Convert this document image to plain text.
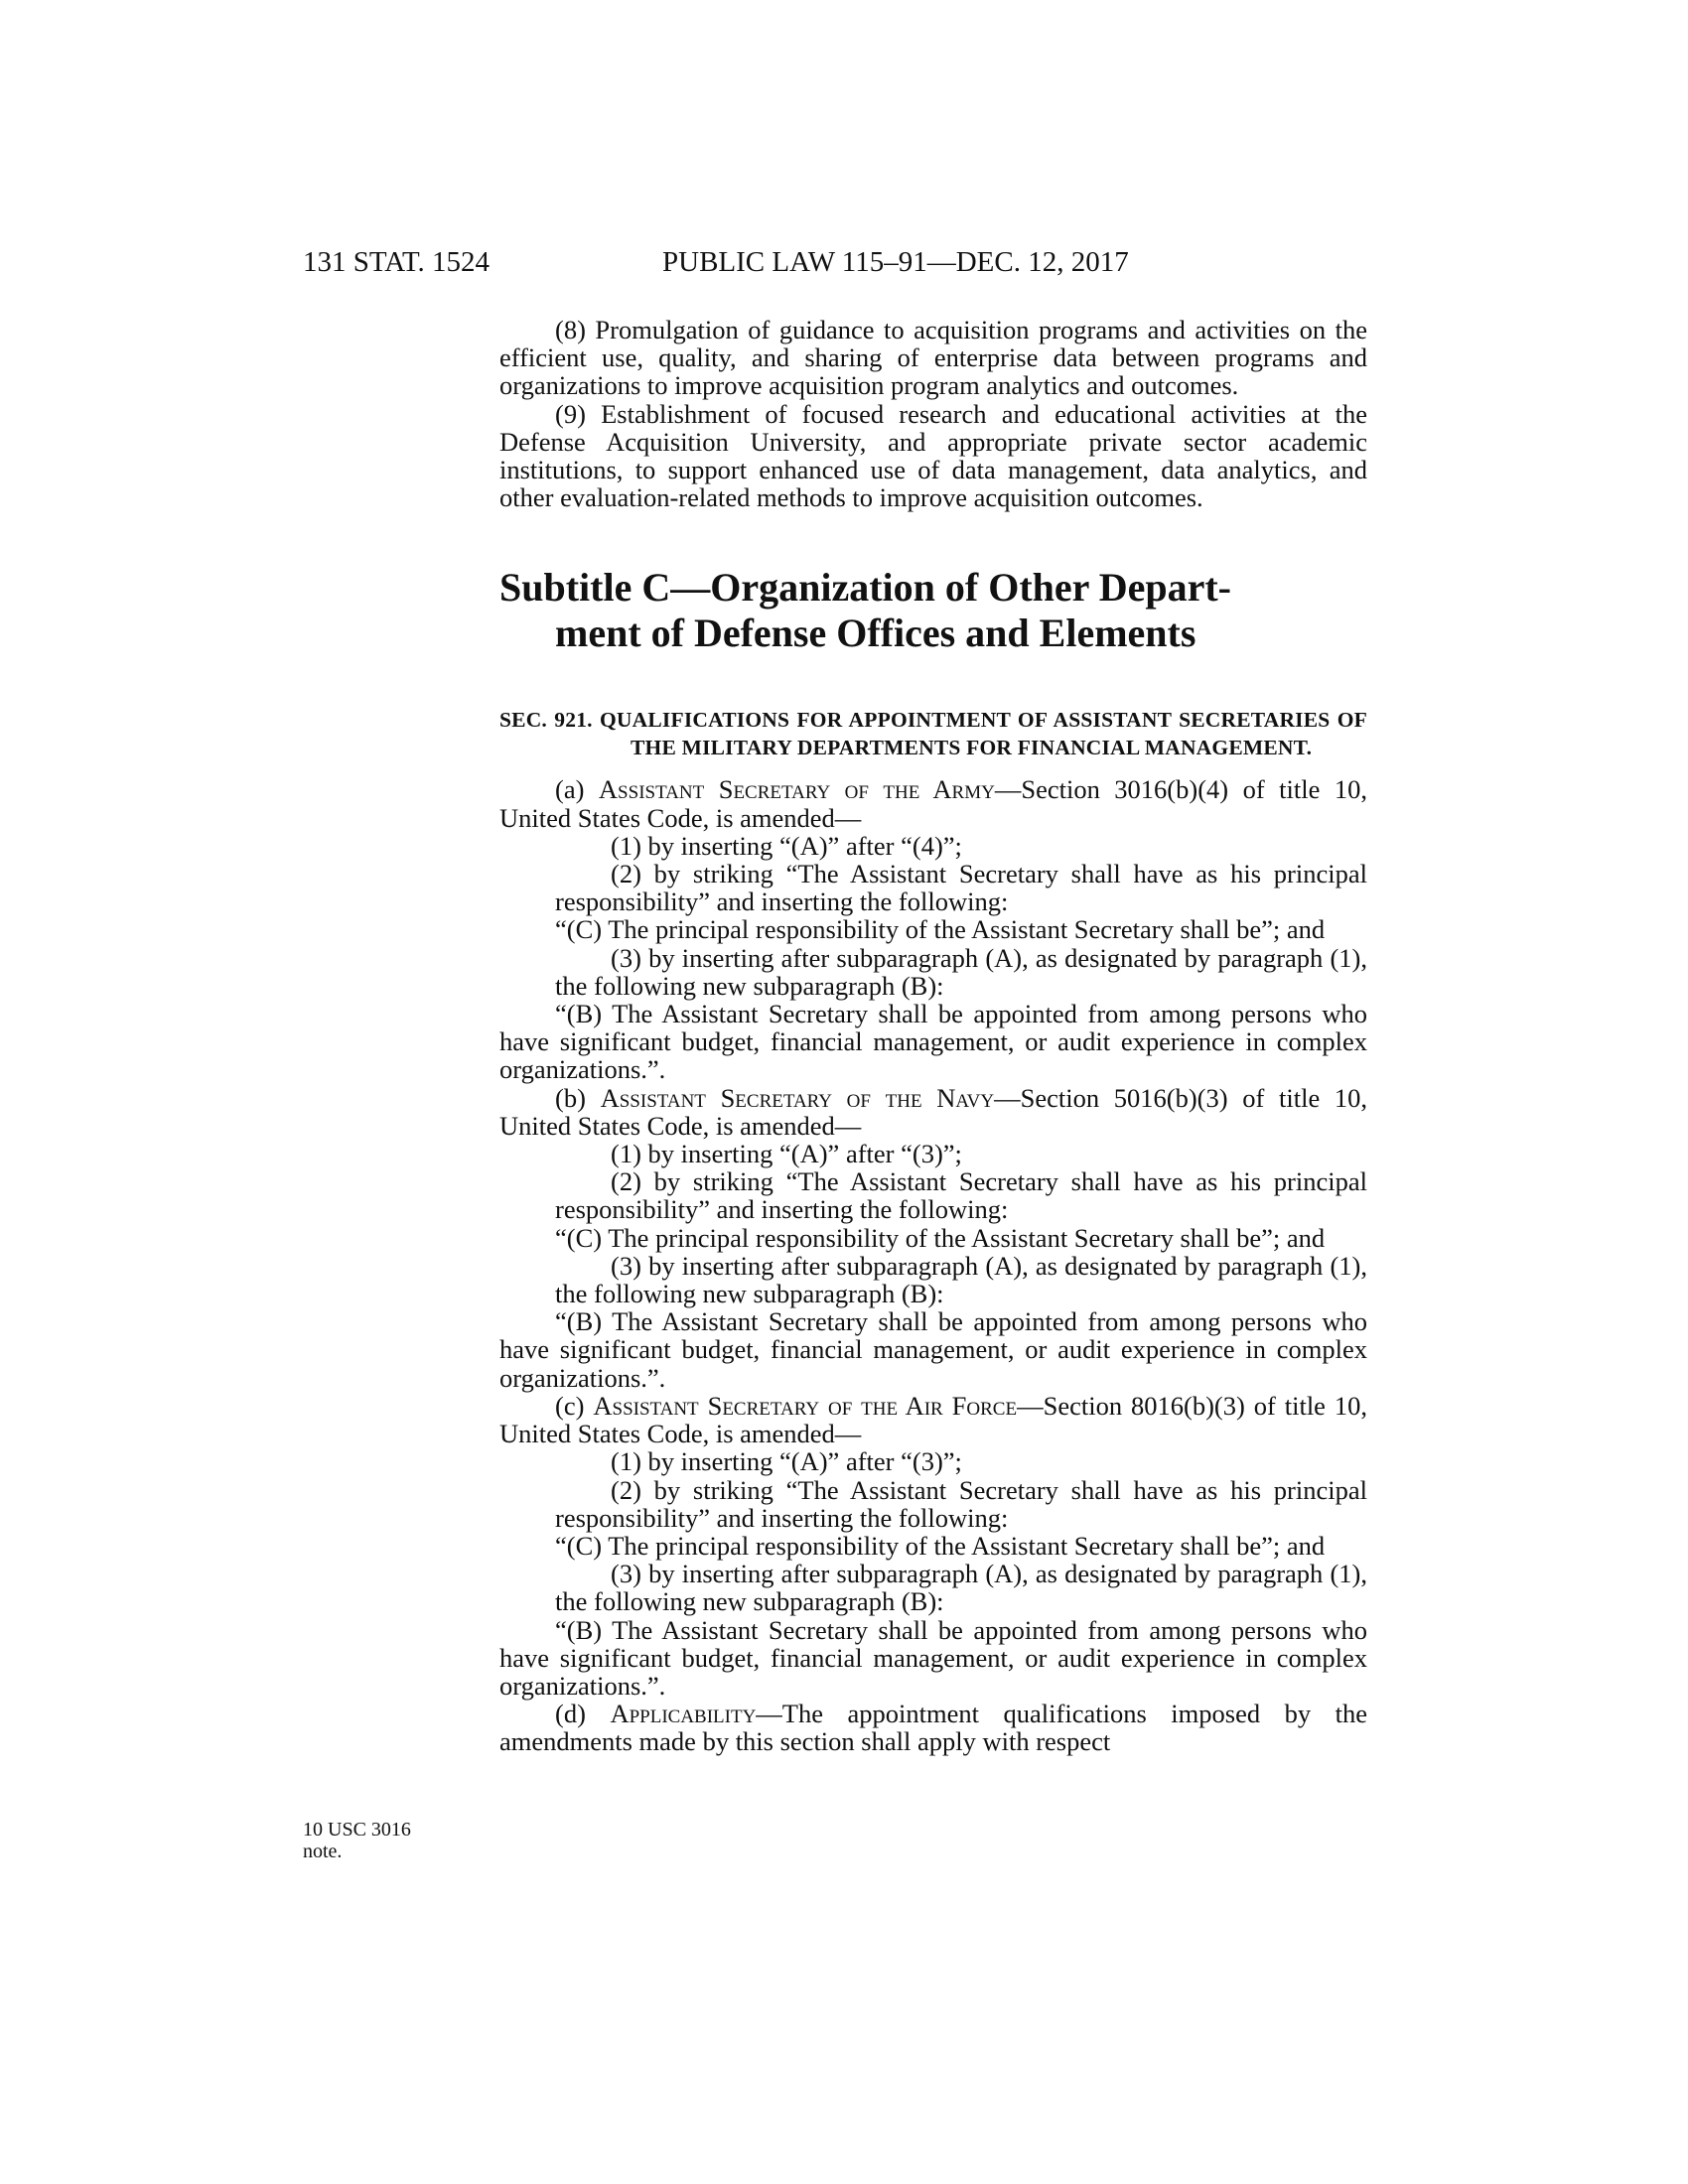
131 STAT. 1524	PUBLIC LAW 115–91—DEC. 12, 2017
10 USC 3016
note.

(8) Promulgation of guidance to acquisition programs and activities on the efficient use, quality, and sharing of enterprise data between programs and organizations to improve acquisition program analytics and outcomes.

(9) Establishment of focused research and educational activities at the Defense Acquisition University, and appropriate private sector academic institutions, to support enhanced use of data management, data analytics, and other evaluation-related methods to improve acquisition outcomes.

Subtitle C—Organization of Other Depart-
ment of Defense Offices and Elements

SEC. 921. QUALIFICATIONS FOR APPOINTMENT OF ASSISTANT SECRETARIES OF THE MILITARY DEPARTMENTS FOR FINANCIAL MANAGEMENT.

(a) Assistant Secretary of the Army—Section 3016(b)(4) of title 10, United States Code, is amended—

(1) by inserting “(A)” after “(4)”;

(2) by striking “The Assistant Secretary shall have as his principal responsibility” and inserting the following:

“(C) The principal responsibility of the Assistant Secretary shall be”; and

(3) by inserting after subparagraph (A), as designated by paragraph (1), the following new subparagraph (B):

“(B) The Assistant Secretary shall be appointed from among persons who have significant budget, financial management, or audit experience in complex organizations.”.

(b) Assistant Secretary of the Navy—Section 5016(b)(3) of title 10, United States Code, is amended—

(1) by inserting “(A)” after “(3)”;

(2) by striking “The Assistant Secretary shall have as his principal responsibility” and inserting the following:

“(C) The principal responsibility of the Assistant Secretary shall be”; and

(3) by inserting after subparagraph (A), as designated by paragraph (1), the following new subparagraph (B):

“(B) The Assistant Secretary shall be appointed from among persons who have significant budget, financial management, or audit experience in complex organizations.”.

(c) Assistant Secretary of the Air Force—Section 8016(b)(3) of title 10, United States Code, is amended—

(1) by inserting “(A)” after “(3)”;

(2) by striking “The Assistant Secretary shall have as his principal responsibility” and inserting the following:

“(C) The principal responsibility of the Assistant Secretary shall be”; and

(3) by inserting after subparagraph (A), as designated by paragraph (1), the following new subparagraph (B):

“(B) The Assistant Secretary shall be appointed from among persons who have significant budget, financial management, or audit experience in complex organizations.”.

(d) Applicability—The appointment qualifications imposed by the amendments made by this section shall apply with respect
